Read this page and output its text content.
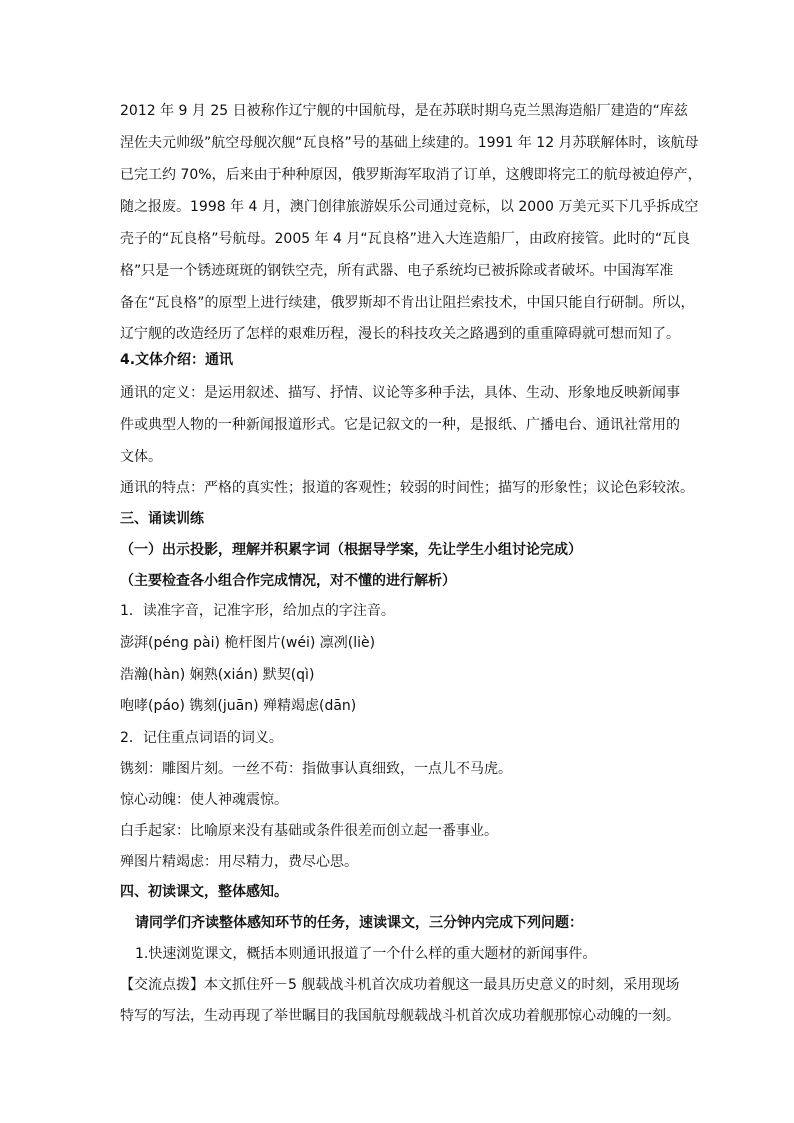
2012 年 9 月 25 日被称作辽宁舰的中国航母，是在苏联时期乌克兰黑海造船厂建造的“库兹
涅佐夫元帅级”航空母舰次舰“瓦良格”号的基础上续建的。1991 年 12 月苏联解体时，该航母
已完工约 70%，后来由于种种原因，俄罗斯海军取消了订单，这艘即将完工的航母被迫停产，
随之报废。1998 年 4 月，澳门创律旅游娱乐公司通过竞标，以 2000 万美元买下几乎拆成空
壳子的“瓦良格”号航母。2005 年 4 月“瓦良格”进入大连造船厂，由政府接管。此时的“瓦良
格”只是一个锈迹斑斑的钢铁空壳，所有武器、电子系统均已被拆除或者破坏。中国海军准
备在“瓦良格”的原型上进行续建，俄罗斯却不肯出让阻拦索技术，中国只能自行研制。所以，
辽宁舰的改造经历了怎样的艰难历程，漫长的科技攻关之路遇到的重重障碍就可想而知了。
4.文体介绍：通讯
通讯的定义：是运用叙述、描写、抒情、议论等多种手法，具体、生动、形象地反映新闻事
件或典型人物的一种新闻报道形式。它是记叙文的一种，是报纸、广播电台、通讯社常用的
文体。
通讯的特点：严格的真实性；报道的客观性；较弱的时间性；描写的形象性；议论色彩较浓。
三、诵读训练
（一）出示投影，理解并积累字词（根据导学案，先让学生小组讨论完成）
（主要检查各小组合作完成情况，对不懂的进行解析）
1．读准字音，记准字形，给加点的字注音。
澎湃(péng pài) 桅杆图片(wéi) 凛冽(liè)
浩瀚(hàn) 娴熟(xián) 默契(qì)
咆哮(páo) 镌刻(juān) 殚精竭虑(dān)
2．记住重点词语的词义。
镌刻：雕图片刻。一丝不苟：指做事认真细致，一点儿不马虎。
惊心动魄：使人神魂震惊。
白手起家：比喻原来没有基础或条件很差而创立起一番事业。
殚图片精竭虑：用尽精力，费尽心思。
四、初读课文，整体感知。
请同学们齐读整体感知环节的任务，速读课文，三分钟内完成下列问题：
1.快速浏览课文，概括本则通讯报道了一个什么样的重大题材的新闻事件。
【交流点拨】本文抓住歼－5 舰载战斗机首次成功着舰这一最具历史意义的时刻，采用现场
特写的写法，生动再现了举世瞩目的我国航母舰载战斗机首次成功着舰那惊心动魄的一刻。
